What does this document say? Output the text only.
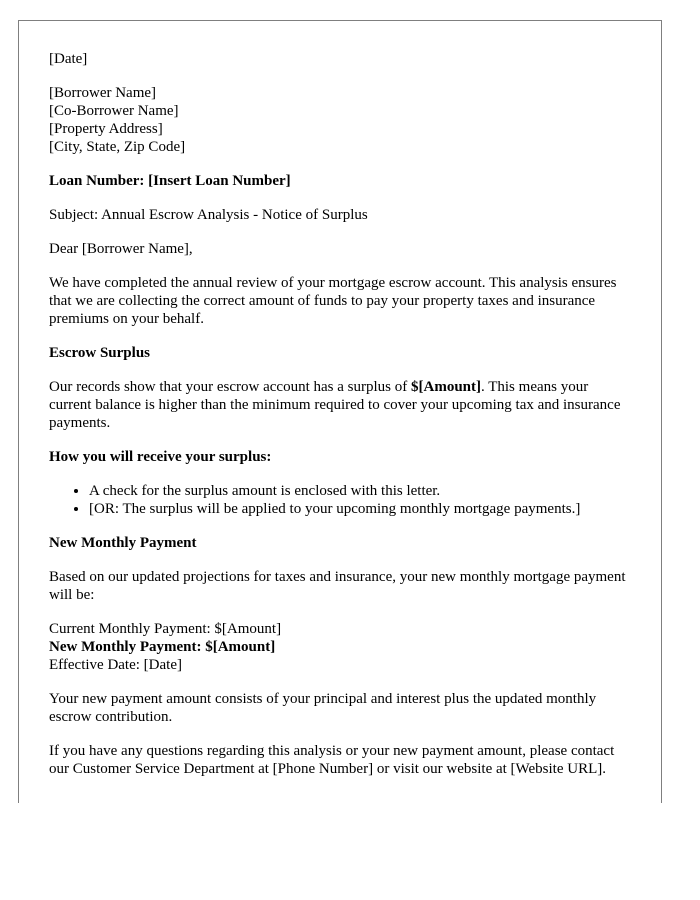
[Date]

[Borrower Name]
[Co-Borrower Name]
[Property Address]
[City, State, Zip Code]

Loan Number: [Insert Loan Number]

Subject: Annual Escrow Analysis - Notice of Surplus

Dear [Borrower Name],

We have completed the annual review of your mortgage escrow account. This analysis ensures that we are collecting the correct amount of funds to pay your property taxes and insurance premiums on your behalf.

Escrow Surplus

Our records show that your escrow account has a surplus of $[Amount]. This means your current balance is higher than the minimum required to cover your upcoming tax and insurance payments.

How you will receive your surplus:

• A check for the surplus amount is enclosed with this letter.
• [OR: The surplus will be applied to your upcoming monthly mortgage payments.]

New Monthly Payment

Based on our updated projections for taxes and insurance, your new monthly mortgage payment will be:

Current Monthly Payment: $[Amount]
New Monthly Payment: $[Amount]
Effective Date: [Date]

Your new payment amount consists of your principal and interest plus the updated monthly escrow contribution.

If you have any questions regarding this analysis or your new payment amount, please contact our Customer Service Department at [Phone Number] or visit our website at [Website URL].
